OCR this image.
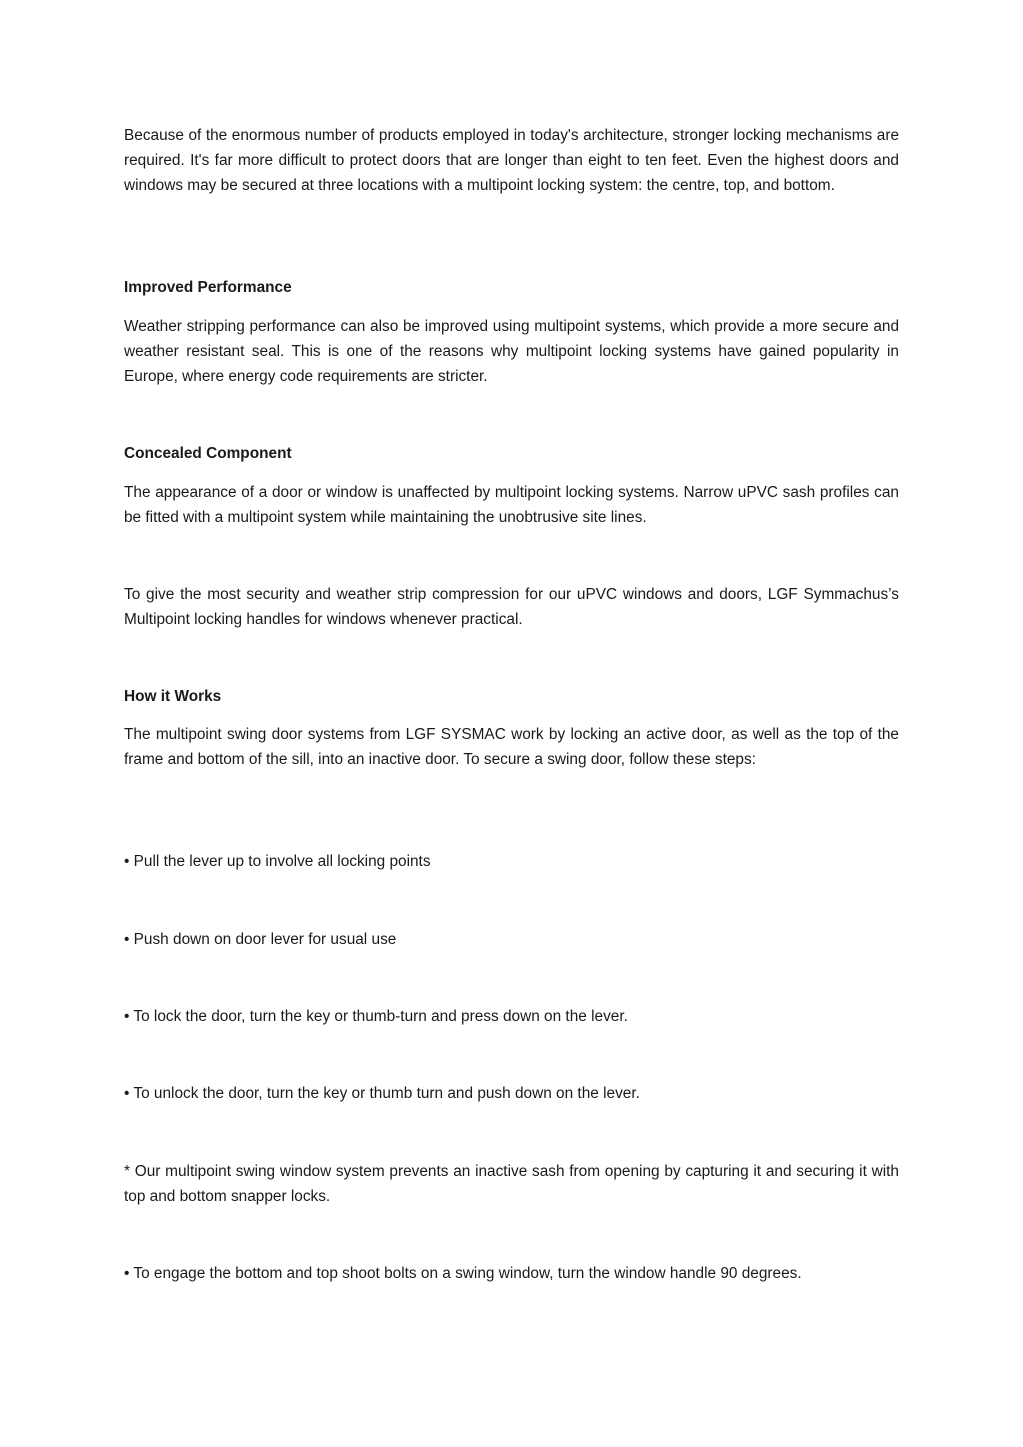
Because of the enormous number of products employed in today's architecture, stronger locking mechanisms are required. It's far more difficult to protect doors that are longer than eight to ten feet. Even the highest doors and windows may be secured at three locations with a multipoint locking system: the centre, top, and bottom.

Improved Performance

Weather stripping performance can also be improved using multipoint systems, which provide a more secure and weather resistant seal. This is one of the reasons why multipoint locking systems have gained popularity in Europe, where energy code requirements are stricter.

Concealed Component

The appearance of a door or window is unaffected by multipoint locking systems. Narrow uPVC sash profiles can be fitted with a multipoint system while maintaining the unobtrusive site lines.

To give the most security and weather strip compression for our uPVC windows and doors, LGF Symmachus’s Multipoint locking handles for windows whenever practical.

How it Works

The multipoint swing door systems from LGF SYSMAC work by locking an active door, as well as the top of the frame and bottom of the sill, into an inactive door. To secure a swing door, follow these steps:

• Pull the lever up to involve all locking points

• Push down on door lever for usual use

• To lock the door, turn the key or thumb-turn and press down on the lever.

• To unlock the door, turn the key or thumb turn and push down on the lever.

* Our multipoint swing window system prevents an inactive sash from opening by capturing it and securing it with top and bottom snapper locks.

• To engage the bottom and top shoot bolts on a swing window, turn the window handle 90 degrees.
